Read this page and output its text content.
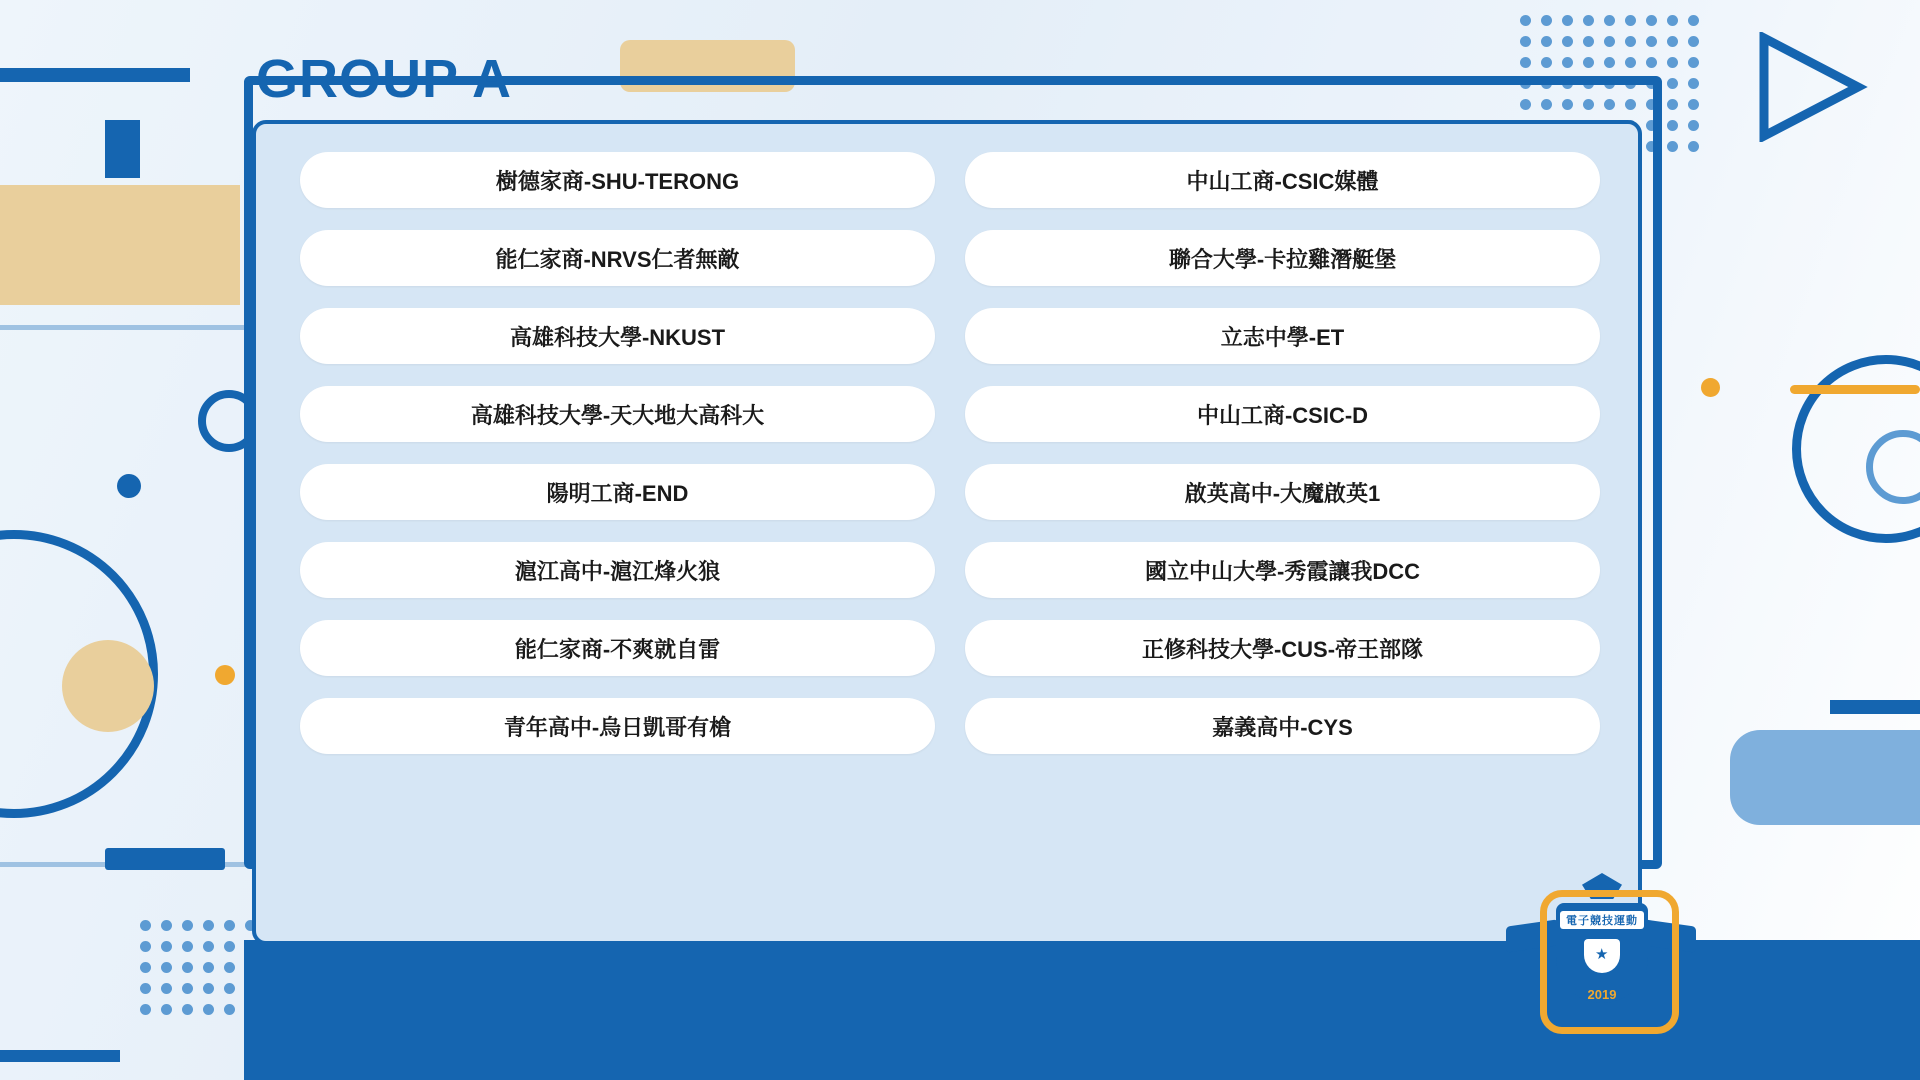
GROUP A
樹德家商-SHU-TERONG	中山工商-CSIC媒體
能仁家商-NRVS仁者無敵	聯合大學-卡拉雞潛艇堡
高雄科技大學-NKUST	立志中學-ET
高雄科技大學-天大地大高科大	中山工商-CSIC-D
陽明工商-END	啟英高中-大魔啟英1
滬江高中-滬江烽火狼	國立中山大學-秀霞讓我DCC
能仁家商-不爽就自雷	正修科技大學-CUS-帝王部隊
青年高中-烏日凱哥有槍	嘉義高中-CYS
電子競技運動
★
2019
